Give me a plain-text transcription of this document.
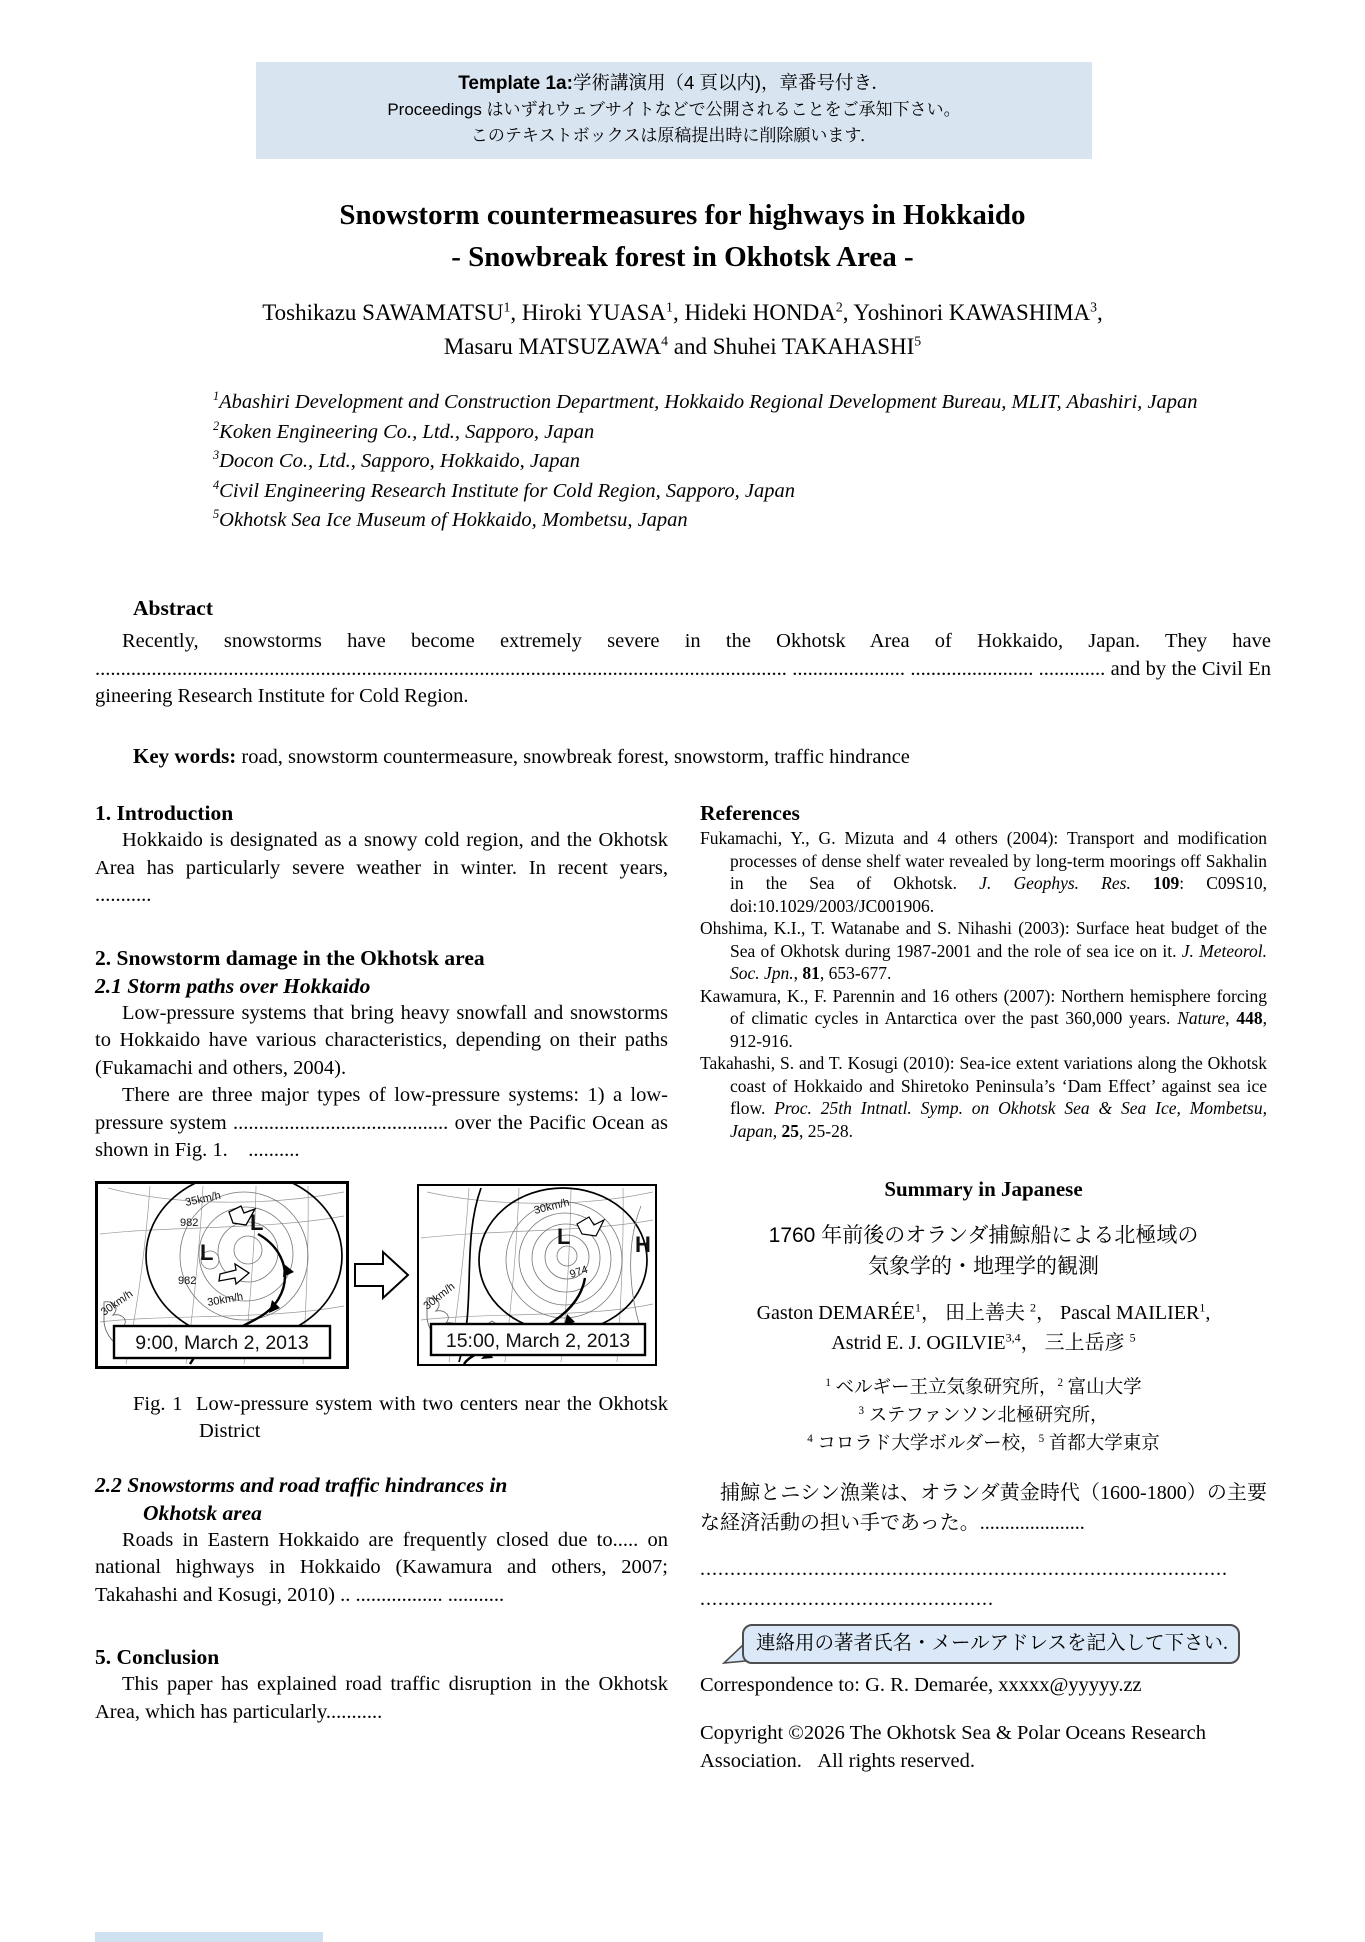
Template 1a:学術講演用（4 頁以内)，章番号付き．
Proceedings はいずれウェブサイトなどで公開されることをご承知下さい。
このテキストボックスは原稿提出時に削除願います．
Snowstorm countermeasures for highways in Hokkaido
- Snowbreak forest in Okhotsk Area -
Toshikazu SAWAMATSU$^1$, Hiroki YUASA$^1$, Hideki HONDA$^2$, Yoshinori KAWASHIMA$^3$,
Masaru MATSUZAWA$^4$ and Shuhei TAKAHASHI$^5$
$^1$Abashiri Development and Construction Department, Hokkaido Regional Development Bureau, MLIT, Abashiri, Japan
$^2$Koken Engineering Co., Ltd., Sapporo, Japan
$^3$Docon Co., Ltd., Sapporo, Hokkaido, Japan
$^4$Civil Engineering Research Institute for Cold Region, Sapporo, Japan
$^5$Okhotsk Sea Ice Museum of Hokkaido, Mombetsu, Japan
Abstract
Recently, snowstorms have become extremely severe in the Okhotsk Area of Hokkaido, Japan. They have ....................................................................................................................................... ...................... ........................ ............. and by the Civil Engineering Research Institute for Cold Region.
Key words: road, snowstorm countermeasure, snowbreak forest, snowstorm, traffic hindrance
1. Introduction

Hokkaido is designated as a snowy cold region, and the Okhotsk Area has particularly severe weather in winter. In recent years, ...........

2. Snowstorm damage in the Okhotsk area
2.1 Storm paths over Hokkaido

Low-pressure systems that bring heavy snowfall and snowstorms to Hokkaido have various characteristics, depending on their paths (Fukamachi and others, 2004).

There are three major types of low-pressure systems: 1) a low-pressure system .......................................... over the Pacific Ocean as shown in Fig. 1.    ..........

35km/h
982 L
L
982
30km/h
30km/h
9:00, March 2, 2013
30km/h
L
974
H
30km/h
15:00, March 2, 2013
Fig. 1 Low-pressure system with two centers near the Okhotsk District
2.2 Snowstorms and road traffic hindrances in
Okhotsk area

Roads in Eastern Hokkaido are frequently closed due to..... on national highways in Hokkaido (Kawamura and others, 2007; Takahashi and Kosugi, 2010) .. ................. ...........

5. Conclusion

This paper has explained road traffic disruption in the Okhotsk Area, which has particularly...........

References
Fukamachi, Y., G. Mizuta and 4 others (2004): Transport and modification processes of dense shelf water revealed by long-term moorings off Sakhalin in the Sea of Okhotsk. J. Geophys. Res. 109: C09S10, doi:10.1029/2003/JC001906.
Ohshima, K.I., T. Watanabe and S. Nihashi (2003): Surface heat budget of the Sea of Okhotsk during 1987-2001 and the role of sea ice on it. J. Meteorol. Soc. Jpn., 81, 653-677.
Kawamura, K., F. Parennin and 16 others (2007): Northern hemisphere forcing of climatic cycles in Antarctica over the past 360,000 years. Nature, 448, 912-916.
Takahashi, S. and T. Kosugi (2010): Sea-ice extent variations along the Okhotsk coast of Hokkaido and Shiretoko Peninsula’s ‘Dam Effect’ against sea ice flow. Proc. 25th Intnatl. Symp. on Okhotsk Sea & Sea Ice, Mombetsu, Japan, 25, 25-28.
Summary in Japanese
1760 年前後のオランダ捕鯨船による北極域の
気象学的・地理学的観測
Gaston DEMARÉE$^1$， 田上善夫 $^2$， Pascal MAILIER$^1$,
Astrid E. J. OGILVIE$^{3,4}$， 三上岳彦 $^5$
$^1$ ベルギー王立気象研究所，$^2$ 富山大学
$^3$ ステファンソン北極研究所，
$^4$ コロラド大学ボルダー校，$^5$ 首都大学東京

捕鯨とニシン漁業は、オランダ黄金時代（1600-1800）の主要な経済活動の担い手であった。.....................

........................................................................................
.................................................
連絡用の著者氏名・メールアドレスを記入して下さい.
Correspondence to: G. R. Demarée, xxxxx@yyyyy.zz
Copyright ©2026 The Okhotsk Sea & Polar Oceans Research Association.   All rights reserved.
